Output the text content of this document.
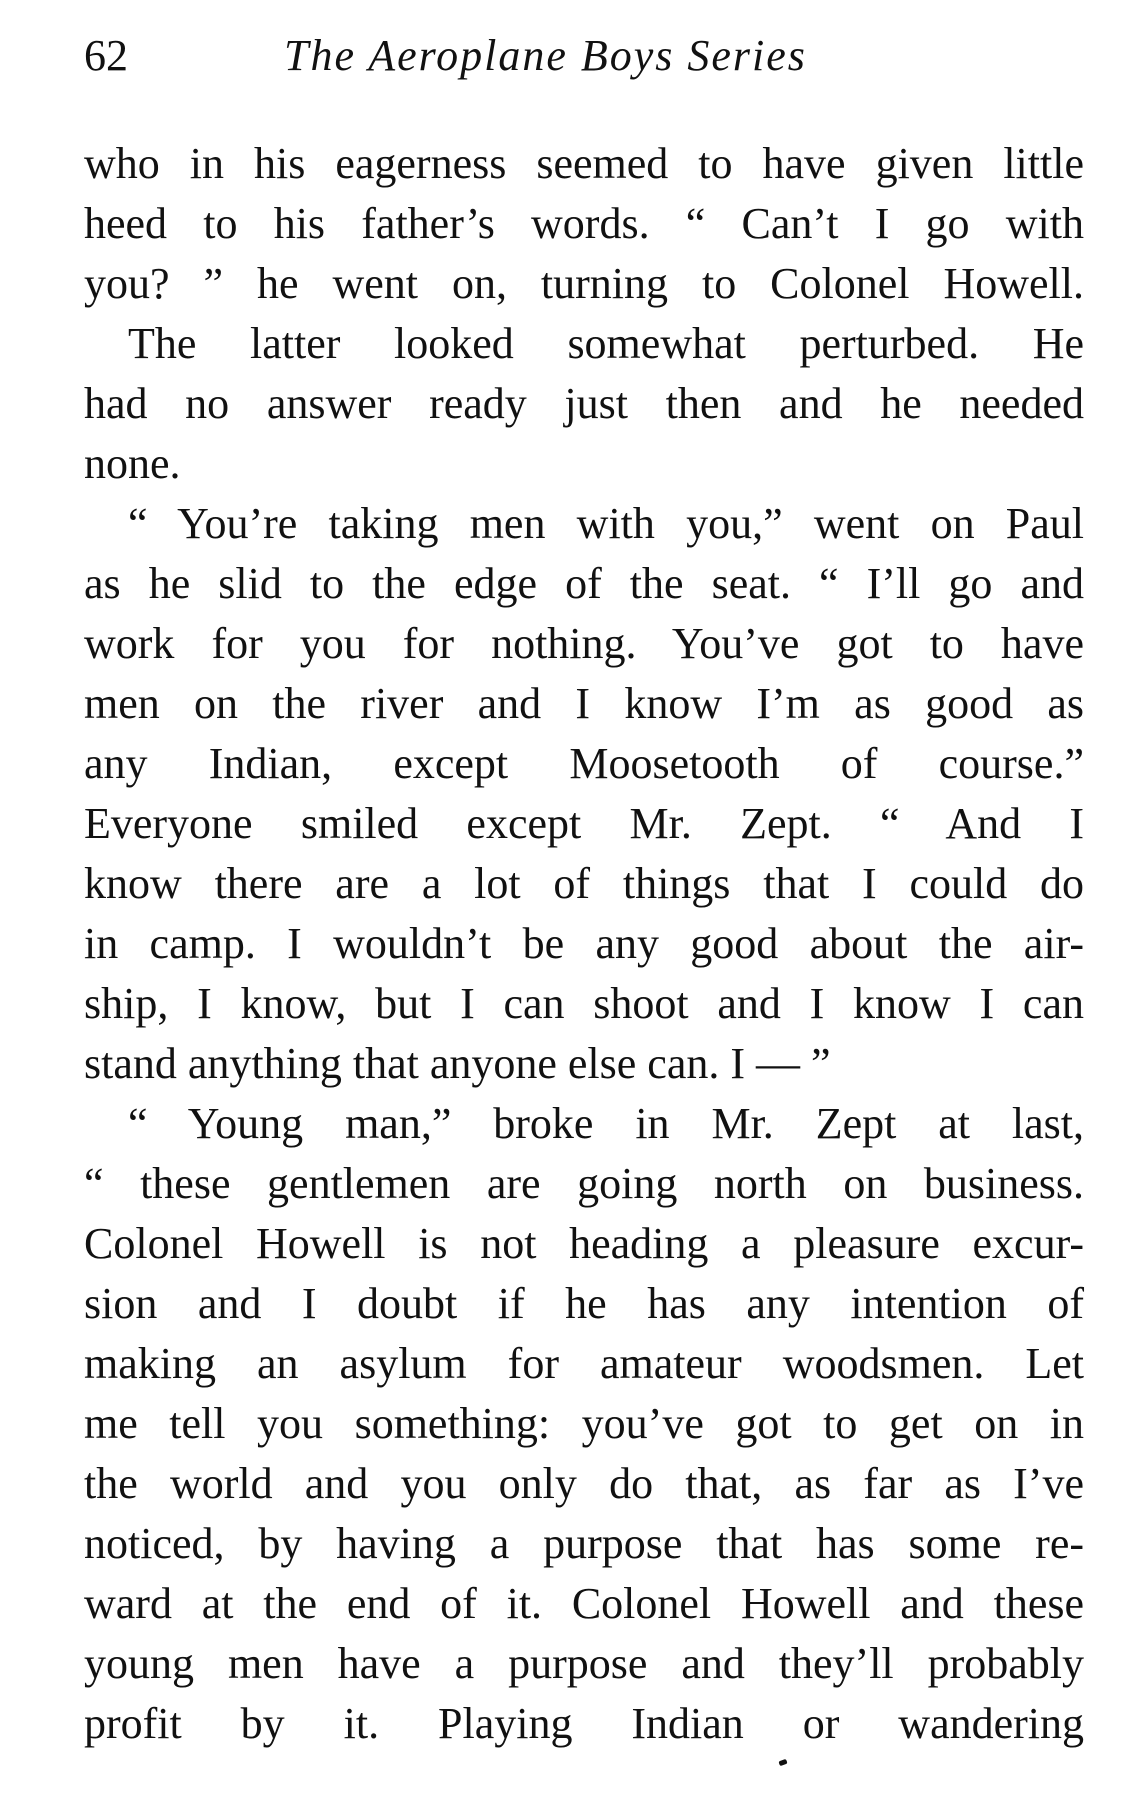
62	The Aeroplane Boys Series
who in his eagerness seemed to have given little
heed to his father’s words. “ Can’t I go with
you? ” he went on, turning to Colonel Howell.
The latter looked somewhat perturbed. He
had no answer ready just then and he needed
none.
“ You’re taking men with you,” went on Paul
as he slid to the edge of the seat. “ I’ll go and
work for you for nothing. You’ve got to have
men on the river and I know I’m as good as
any Indian, except Moosetooth of course.”
Everyone smiled except Mr. Zept. “ And I
know there are a lot of things that I could do
in camp. I wouldn’t be any good about the air-
ship, I know, but I can shoot and I know I can
stand anything that anyone else can. I — ”
“ Young man,” broke in Mr. Zept at last,
“ these gentlemen are going north on business.
Colonel Howell is not heading a pleasure excur-
sion and I doubt if he has any intention of
making an asylum for amateur woodsmen. Let
me tell you something: you’ve got to get on in
the world and you only do that, as far as I’ve
noticed, by having a purpose that has some re-
ward at the end of it. Colonel Howell and these
young men have a purpose and they’ll probably
profit by it. Playing Indian or wandering
